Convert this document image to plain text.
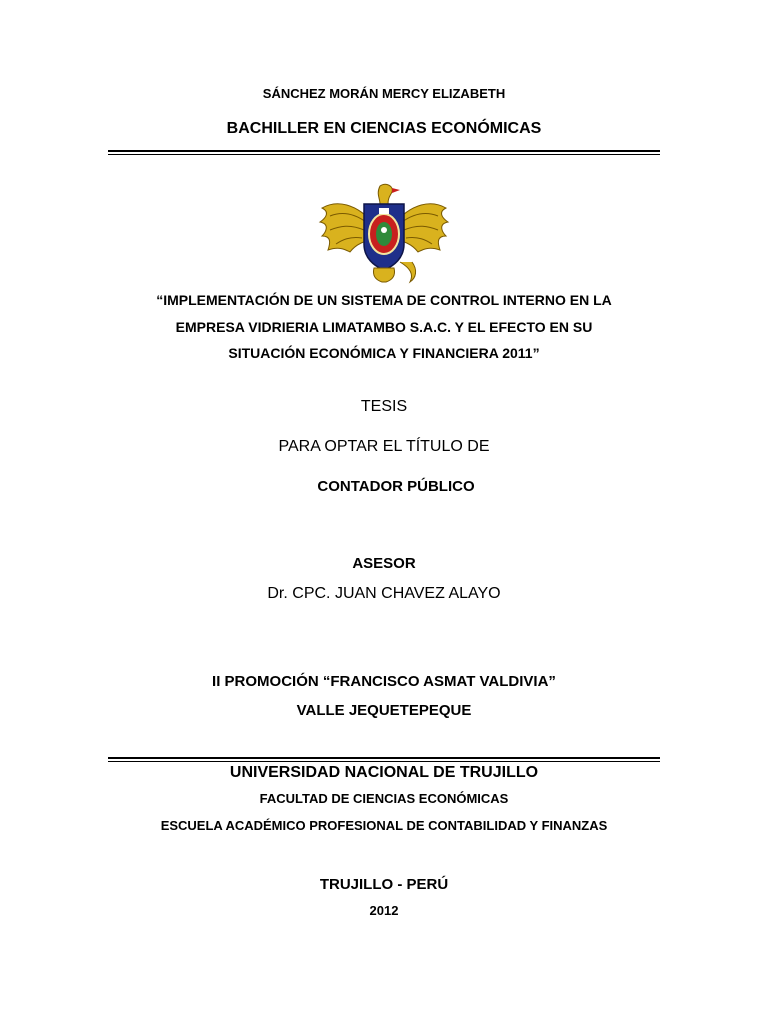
SÁNCHEZ MORÁN MERCY ELIZABETH
BACHILLER EN CIENCIAS ECONÓMICAS
“IMPLEMENTACIÓN DE UN SISTEMA DE CONTROL INTERNO EN LA
EMPRESA VIDRIERIA LIMATAMBO S.A.C. Y EL EFECTO EN SU
SITUACIÓN ECONÓMICA Y FINANCIERA 2011”
TESIS
PARA OPTAR EL TÍTULO DE
CONTADOR PÚBLICO
ASESOR
Dr. CPC. JUAN CHAVEZ ALAYO
II PROMOCIÓN “FRANCISCO ASMAT VALDIVIA”
VALLE JEQUETEPEQUE
UNIVERSIDAD NACIONAL DE TRUJILLO
FACULTAD DE CIENCIAS ECONÓMICAS
ESCUELA ACADÉMICO PROFESIONAL DE CONTABILIDAD Y FINANZAS
TRUJILLO - PERÚ
2012
